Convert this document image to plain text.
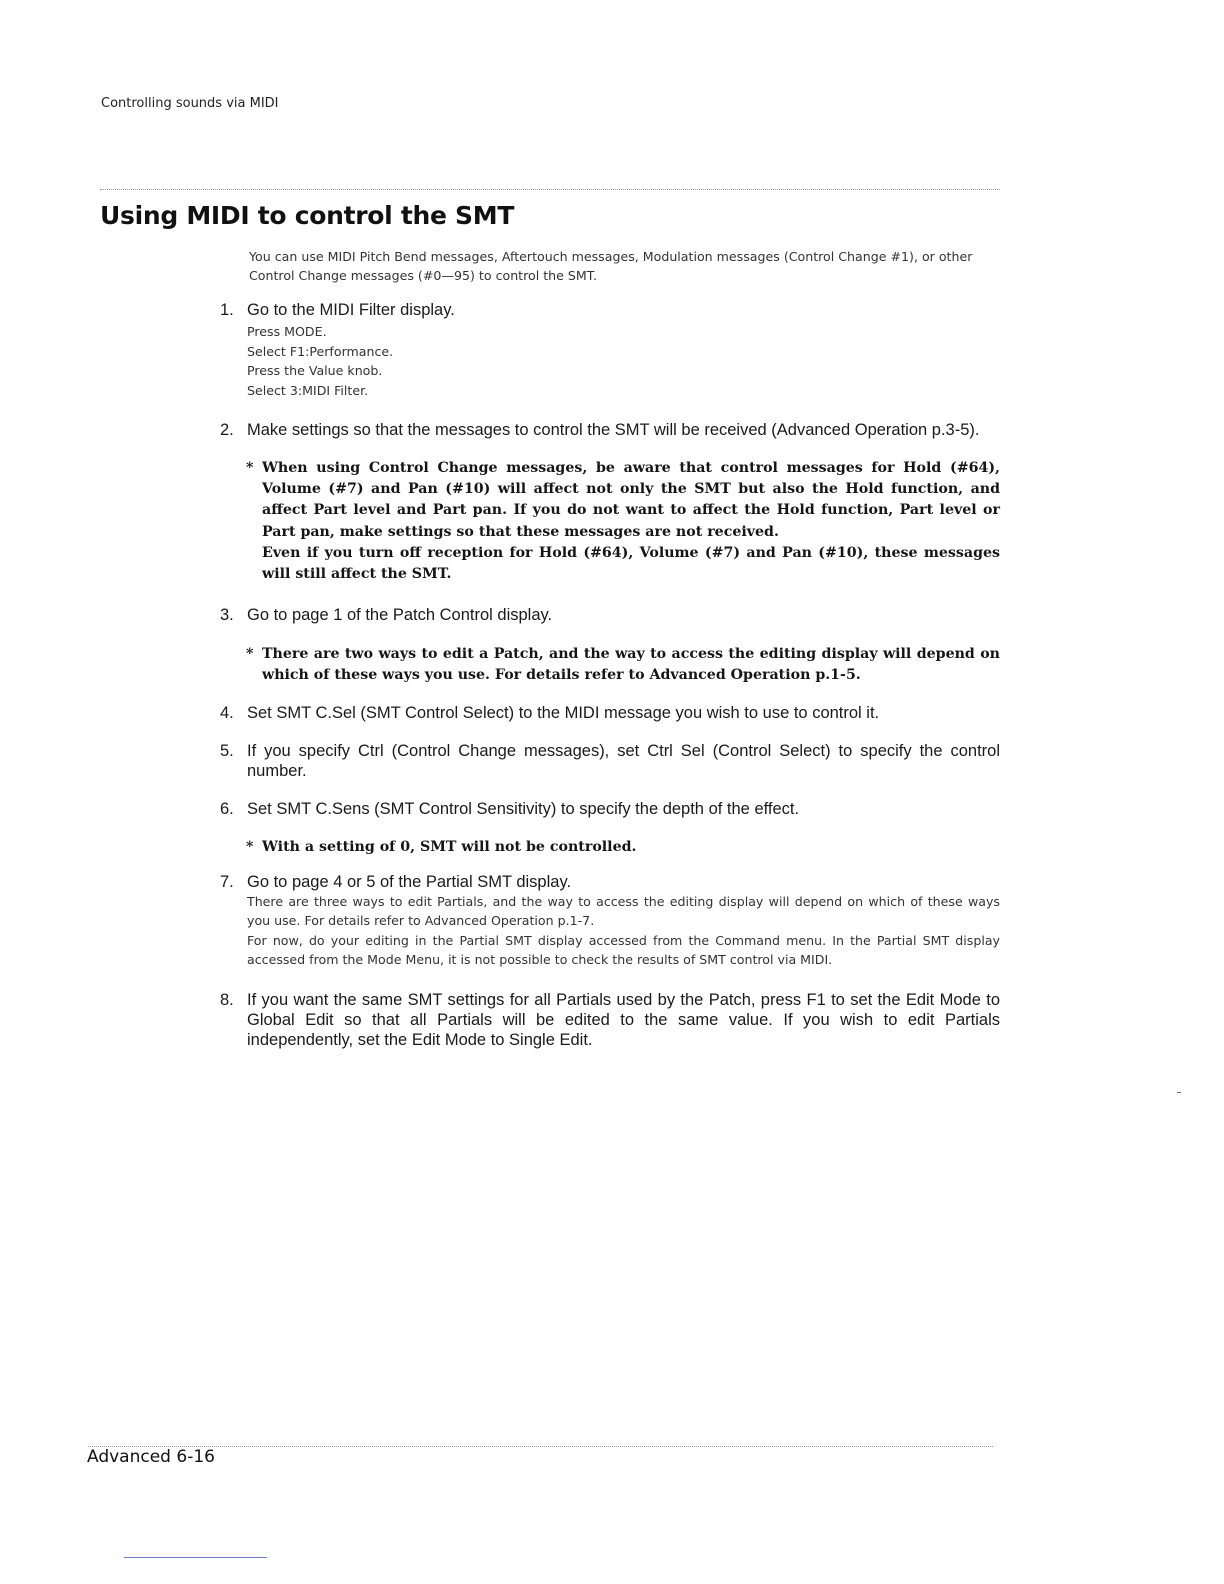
Controlling sounds via MIDI
Using MIDI to control the SMT

You can use MIDI Pitch Bend messages, Aftertouch messages, Modulation messages (Control Change #1), or other Control Change messages (#0—95) to control the SMT.

1. Go to the MIDI Filter display.
Press MODE.
Select F1:Performance.
Press the Value knob.
Select 3:MIDI Filter.
2. Make settings so that the messages to control the SMT will be received (Advanced Operation p.3-5).
* When using Control Change messages, be aware that control messages for Hold (#64), Volume (#7) and Pan (#10) will affect not only the SMT but also the Hold function, and affect Part level and Part pan. If you do not want to affect the Hold function, Part level or Part pan, make settings so that these messages are not received.
Even if you turn off reception for Hold (#64), Volume (#7) and Pan (#10), these messages will still affect the SMT.
3. Go to page 1 of the Patch Control display.
* There are two ways to edit a Patch, and the way to access the editing display will depend on which of these ways you use. For details refer to Advanced Operation p.1-5.
4. Set SMT C.Sel (SMT Control Select) to the MIDI message you wish to use to control it.
5. If you specify Ctrl (Control Change messages), set Ctrl Sel (Control Select) to specify the control number.
6. Set SMT C.Sens (SMT Control Sensitivity) to specify the depth of the effect.
* With a setting of 0, SMT will not be controlled.
7. Go to page 4 or 5 of the Partial SMT display.
There are three ways to edit Partials, and the way to access the editing display will depend on which of these ways you use. For details refer to Advanced Operation p.1-7.
For now, do your editing in the Partial SMT display accessed from the Command menu. In the Partial SMT display accessed from the Mode Menu, it is not possible to check the results of SMT control via MIDI.
8. If you want the same SMT settings for all Partials used by the Patch, press F1 to set the Edit Mode to Global Edit so that all Partials will be edited to the same value. If you wish to edit Partials independently, set the Edit Mode to Single Edit.
Advanced 6-16
